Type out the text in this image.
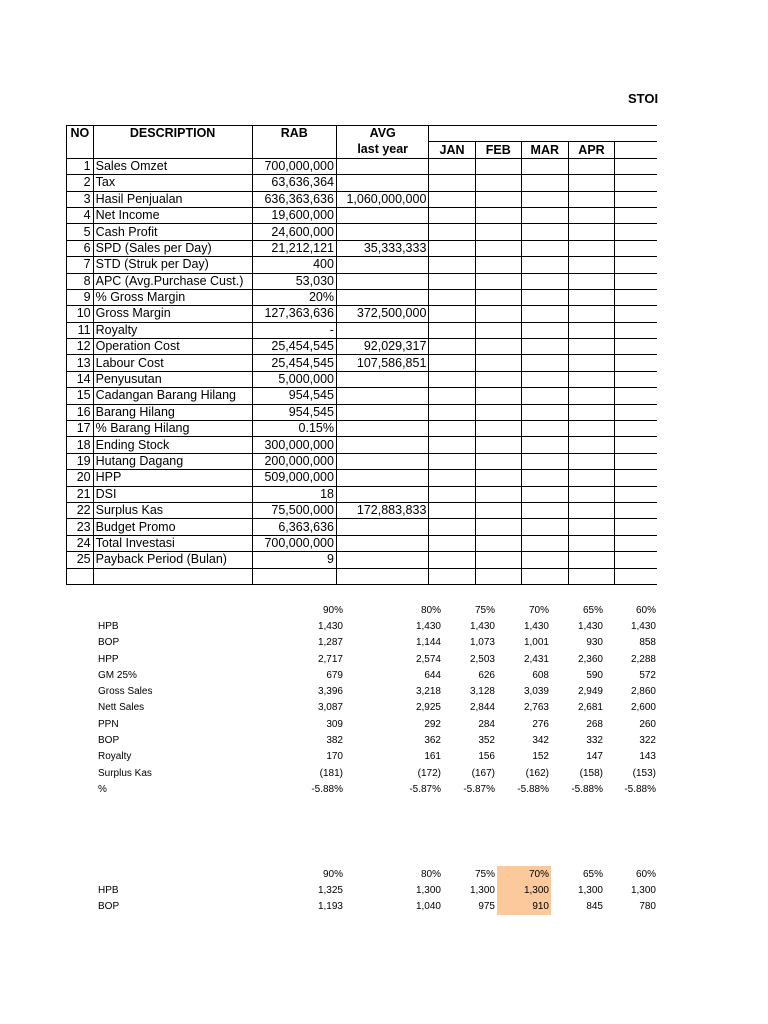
STOI
NO	DESCRIPTION	RAB	AVG					
			last year	JAN	FEB	MAR	APR	
1	Sales Omzet	700,000,000						
2	Tax	63,636,364						
3	Hasil Penjualan	636,363,636	1,060,000,000					
4	Net Income	19,600,000						
5	Cash Profit	24,600,000						
6	SPD (Sales per Day)	21,212,121	35,333,333					
7	STD (Struk per Day)	400						
8	APC (Avg.Purchase Cust.)	53,030						
9	% Gross Margin	20%						
10	Gross Margin	127,363,636	372,500,000					
11	Royalty	-						
12	Operation Cost	25,454,545	92,029,317					
13	Labour Cost	25,454,545	107,586,851					
14	Penyusutan	5,000,000						
15	Cadangan Barang Hilang	954,545						
16	Barang Hilang	954,545						
17	% Barang Hilang	0.15%						
18	Ending Stock	300,000,000						
19	Hutang Dagang	200,000,000						
20	HPP	509,000,000						
21	DSI	18						
22	Surplus Kas	75,500,000	172,883,833					
23	Budget Promo	6,363,636						
24	Total Investasi	700,000,000						
25	Payback Period (Bulan)	9						

	90%	80%	75%	70%	65%	60%
HPB	1,430	1,430	1,430	1,430	1,430	1,430
BOP	1,287	1,144	1,073	1,001	930	858
HPP	2,717	2,574	2,503	2,431	2,360	2,288
GM 25%	679	644	626	608	590	572
Gross Sales	3,396	3,218	3,128	3,039	2,949	2,860
Nett Sales	3,087	2,925	2,844	2,763	2,681	2,600
PPN	309	292	284	276	268	260
BOP	382	362	352	342	332	322
Royalty	170	161	156	152	147	143
Surplus Kas	(181)	(172)	(167)	(162)	(158)	(153)
%	-5.88%	-5.87%	-5.87%	-5.88%	-5.88%	-5.88%
	90%	80%	75%	70%	65%	60%
HPB	1,325	1,300	1,300	1,300	1,300	1,300
BOP	1,193	1,040	975	910	845	780
